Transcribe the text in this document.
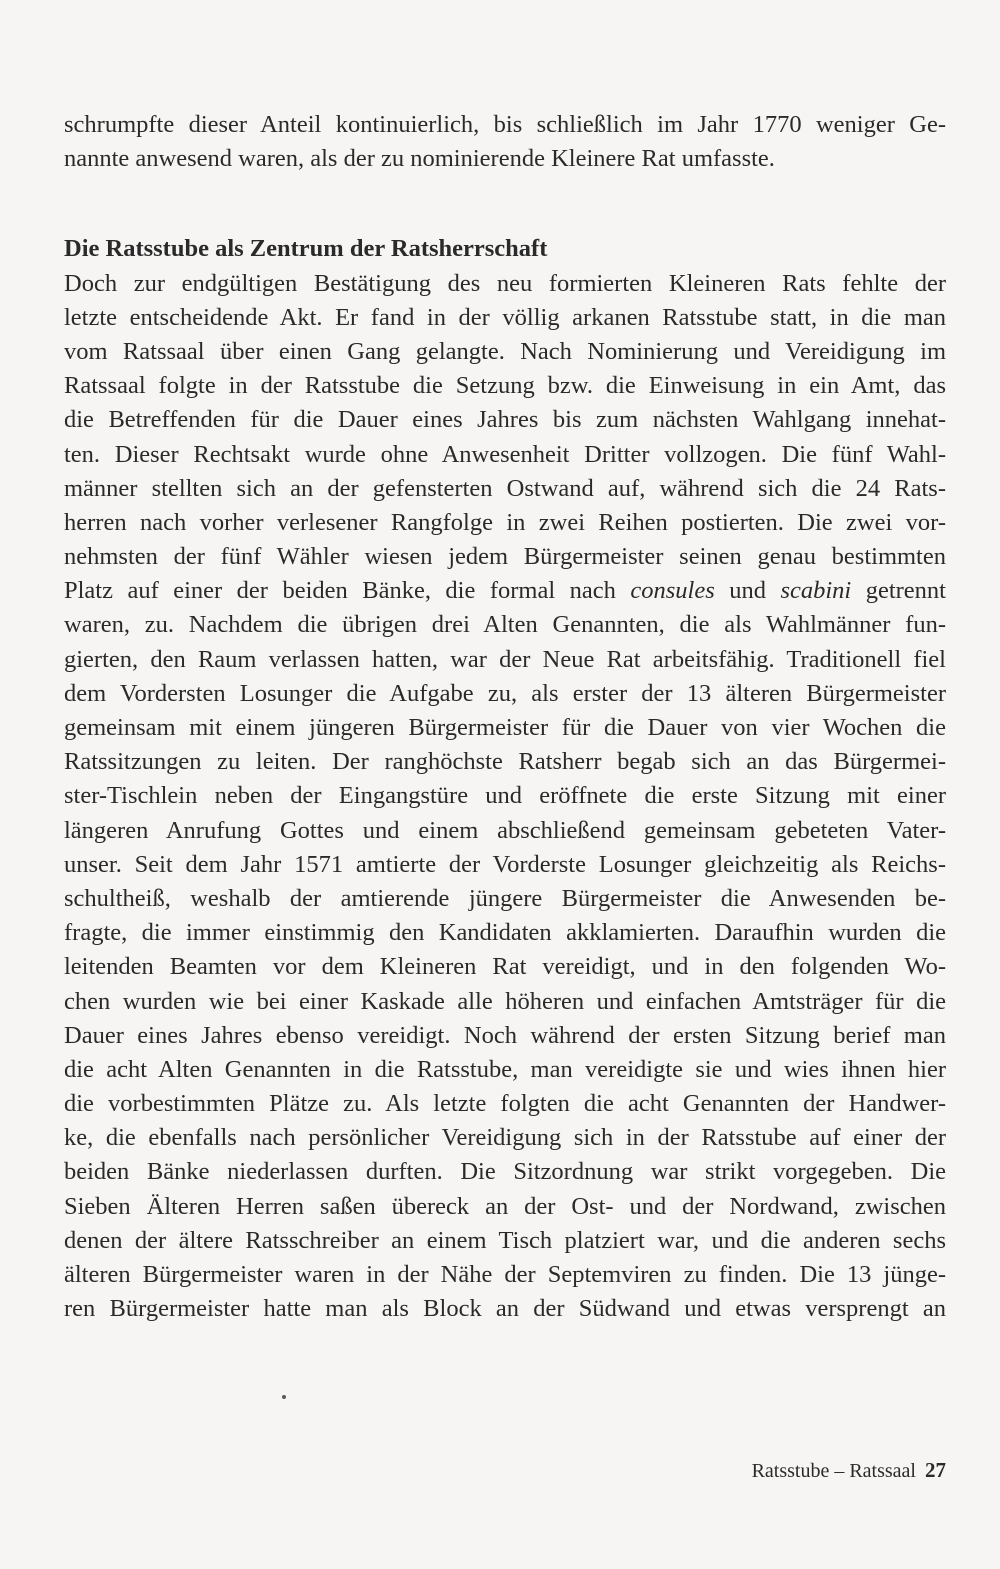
schrumpfte dieser Anteil kontinuierlich, bis schließlich im Jahr 1770 weniger Ge-
nannte anwesend waren, als der zu nominierende Kleinere Rat umfasste.
Die Ratsstube als Zentrum der Ratsherrschaft
Doch zur endgültigen Bestätigung des neu formierten Kleineren Rats fehlte der
letzte entscheidende Akt. Er fand in der völlig arkanen Ratsstube statt, in die man
vom Ratssaal über einen Gang gelangte. Nach Nominierung und Vereidigung im
Ratssaal folgte in der Ratsstube die Setzung bzw. die Einweisung in ein Amt, das
die Betreffenden für die Dauer eines Jahres bis zum nächsten Wahlgang innehat-
ten. Dieser Rechtsakt wurde ohne Anwesenheit Dritter vollzogen. Die fünf Wahl-
männer stellten sich an der gefensterten Ostwand auf, während sich die 24 Rats-
herren nach vorher verlesener Rangfolge in zwei Reihen postierten. Die zwei vor-
nehmsten der fünf Wähler wiesen jedem Bürgermeister seinen genau bestimmten
Platz auf einer der beiden Bänke, die formal nach consules und scabini getrennt
waren, zu. Nachdem die übrigen drei Alten Genannten, die als Wahlmänner fun-
gierten, den Raum verlassen hatten, war der Neue Rat arbeitsfähig. Traditionell fiel
dem Vordersten Losunger die Aufgabe zu, als erster der 13 älteren Bürgermeister
gemeinsam mit einem jüngeren Bürgermeister für die Dauer von vier Wochen die
Ratssitzungen zu leiten. Der ranghöchste Ratsherr begab sich an das Bürgermei-
ster-Tischlein neben der Eingangstüre und eröffnete die erste Sitzung mit einer
längeren Anrufung Gottes und einem abschließend gemeinsam gebeteten Vater-
unser. Seit dem Jahr 1571 amtierte der Vorderste Losunger gleichzeitig als Reichs-
schultheiß, weshalb der amtierende jüngere Bürgermeister die Anwesenden be-
fragte, die immer einstimmig den Kandidaten akklamierten. Daraufhin wurden die
leitenden Beamten vor dem Kleineren Rat vereidigt, und in den folgenden Wo-
chen wurden wie bei einer Kaskade alle höheren und einfachen Amtsträger für die
Dauer eines Jahres ebenso vereidigt. Noch während der ersten Sitzung berief man
die acht Alten Genannten in die Ratsstube, man vereidigte sie und wies ihnen hier
die vorbestimmten Plätze zu. Als letzte folgten die acht Genannten der Handwer-
ke, die ebenfalls nach persönlicher Vereidigung sich in der Ratsstube auf einer der
beiden Bänke niederlassen durften. Die Sitzordnung war strikt vorgegeben. Die
Sieben Älteren Herren saßen übereck an der Ost- und der Nordwand, zwischen
denen der ältere Ratsschreiber an einem Tisch platziert war, und die anderen sechs
älteren Bürgermeister waren in der Nähe der Septemviren zu finden. Die 13 jünge-
ren Bürgermeister hatte man als Block an der Südwand und etwas versprengt an
Ratsstube – Ratssaal 27
